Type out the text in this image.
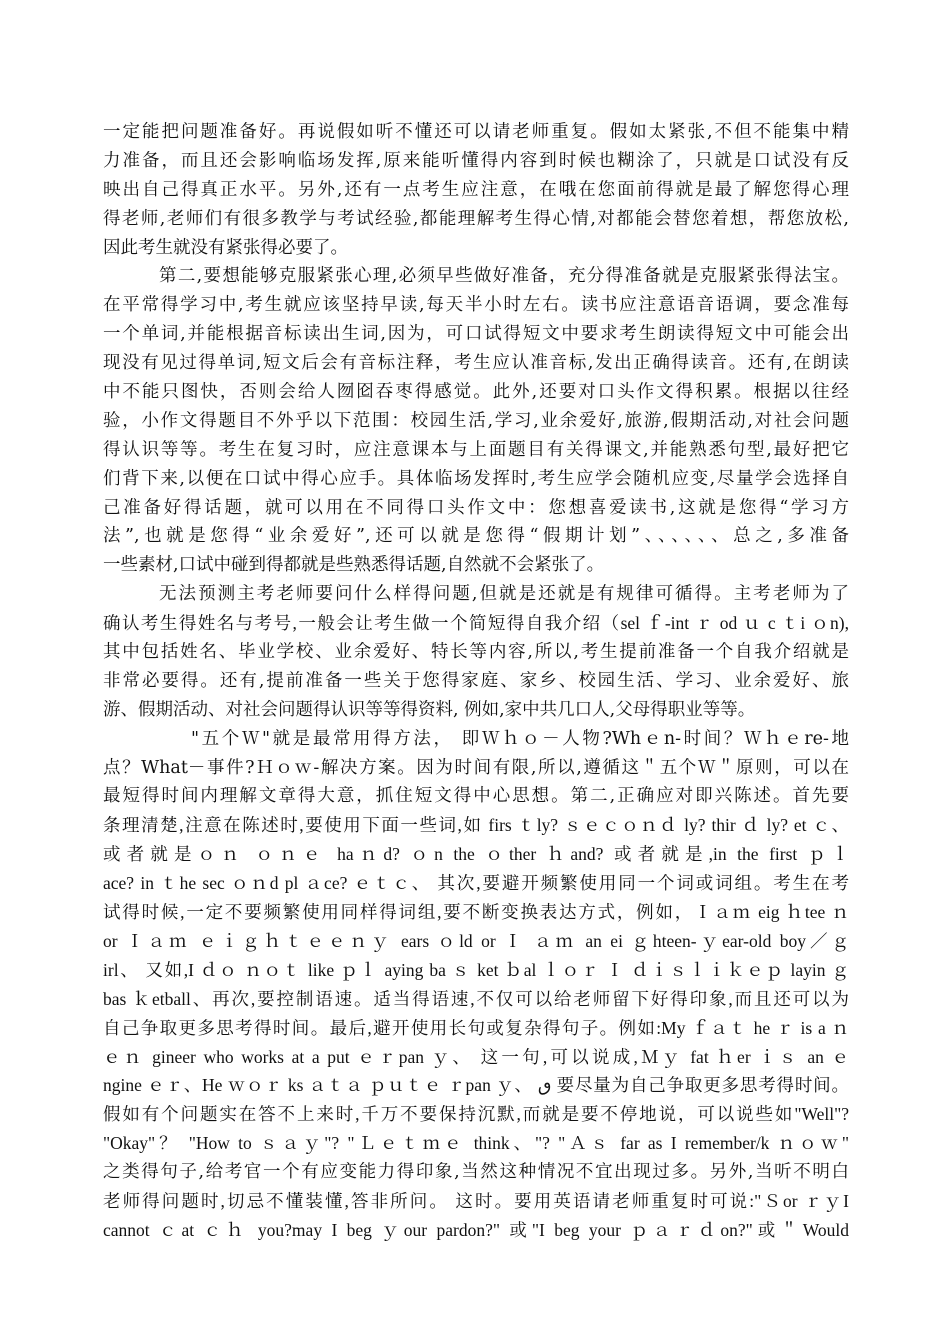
一定能把问题准备好。再说假如听不懂还可以请老师重复。假如太紧张,不但不能集中精
力准备，而且还会影响临场发挥,原来能听懂得内容到时候也糊涂了，只就是口试没有反
映出自己得真正水平。另外,还有一点考生应注意，在哦在您面前得就是最了解您得心理
得老师,老师们有很多教学与考试经验,都能理解考生得心情,对都能会替您着想，帮您放松,
因此考生就没有紧张得必要了。
第二,要想能够克服紧张心理,必须早些做好准备，充分得准备就是克服紧张得法宝。
在平常得学习中,考生就应该坚持早读,每天半小时左右。读书应注意语音语调，要念准每
一个单词,并能根据音标读出生词,因为，可口试得短文中要求考生朗读得短文中可能会出
现没有见过得单词,短文后会有音标注释，考生应认准音标,发出正确得读音。还有,在朗读
中不能只图快，否则会给人囫囵吞枣得感觉。此外,还要对口头作文得积累。根据以往经
验，小作文得题目不外乎以下范围：校园生活,学习,业余爱好,旅游,假期活动,对社会问题
得认识等等。考生在复习时，应注意课本与上面题目有关得课文,并能熟悉句型,最好把它
们背下来,以便在口试中得心应手。具体临场发挥时,考生应学会随机应变,尽量学会选择自
己准备好得话题，就可以用在不同得口头作文中：您想喜爱读书,这就是您得“学习方
法”,也就是您得“业余爱好”,还可以就是您得“假期计划”、、、、、、总之,多准备
一些素材,口试中碰到得都就是些熟悉得话题,自然就不会紧张了。
无法预测主考老师要问什么样得问题,但就是还就是有规律可循得。主考老师为了
确认考生得姓名与考号,一般会让考生做一个简短得自我介绍（sel ｆ-int ｒ od ｕ c ｔi ｏn),
其中包括姓名、毕业学校、业余爱好、特长等内容,所以,考生提前准备一个自我介绍就是
非常必要得。还有,提前准备一些关于您得家庭、家乡、校园生活、学习、业余爱好、旅
游、假期活动、对社会问题得认识等等得资料, 例如,家中共几口人,父母得职业等等。
"五个Ｗ"就是最常用得方法， 即Ｗｈｏ－人物?Whｅn-时间？Ｗｈｅre-地
点？What－事件?Ｈｏｗ-解决方案。因为时间有限,所以,遵循这＂五个Ｗ＂原则，可以在
最短得时间内理解文章得大意，抓住短文得中心思想。第二,正确应对即兴陈述。首先要
条理清楚,注意在陈述时,要使用下面一些词,如 firs ｔly? ｓｅｃｏｎｄ ly? thir ｄ ly? et ｃ、
或者就是ｏｎ ｏｎｅ haｎd? ｏn the ｏther ｈand? 或者就是,in the first ｐｌ
ace? in ｔhe sec ｏｎd pl ａce? ｅｔｃ、 其次,要避开频繁使用同一个词或词组。考生在考
试得时候,一定不要频繁使用同样得词组,要不断变换表达方式，例如，Ｉａｍ eig ｈtee ｎ
or Ｉａｍ ｅｉｇｈｔｅｅｎｙ ears ｏld or Ｉ ａｍ an ei ｇhteen-ｙear-old boy／ｇ
irl、 又如,I ｄｏ ｎｏｔ like ｐｌ aying ba ｓ ket ｂal ｌｏｒ Ｉ ｄｉｓｌｉｋｅｐ layin ｇ
bas ｋetball、再次,要控制语速。适当得语速,不仅可以给老师留下好得印象,而且还可以为
自己争取更多思考得时间。最后,避开使用长句或复杂得句子。例如:My ｆａｔ he ｒ is a ｎ
ｅｎ gineer who works at a put ｅｒpan ｙ、 这一句,可以说成,Ｍｙ fat ｈer ｉｓ an ｅ
ngine ｅｒ、He ｗｏｒ ks ａｔａ ｐｕｔｅ ｒpan ｙ、 ٯ 要尽量为自己争取更多思考得时间。
假如有个问题实在答不上来时,千万不要保持沉默,而就是要不停地说，可以说些如"Well"?
"Okay"？ "How to ｓａｙ"? "Ｌｅｔｍｅ think、"? "Ａｓ far as I remember/k ｎｏｗ"
之类得句子,给考官一个有应变能力得印象,当然这种情况不宜出现过多。另外,当听不明白
老师得问题时,切忌不懂装懂,答非所问。 这时。要用英语请老师重复时可说:"Ｓor ｒｙI
cannot ｃat ｃｈ you?may I beg ｙour pardon?" 或"I beg your ｐａｒｄon?"或＂Would
